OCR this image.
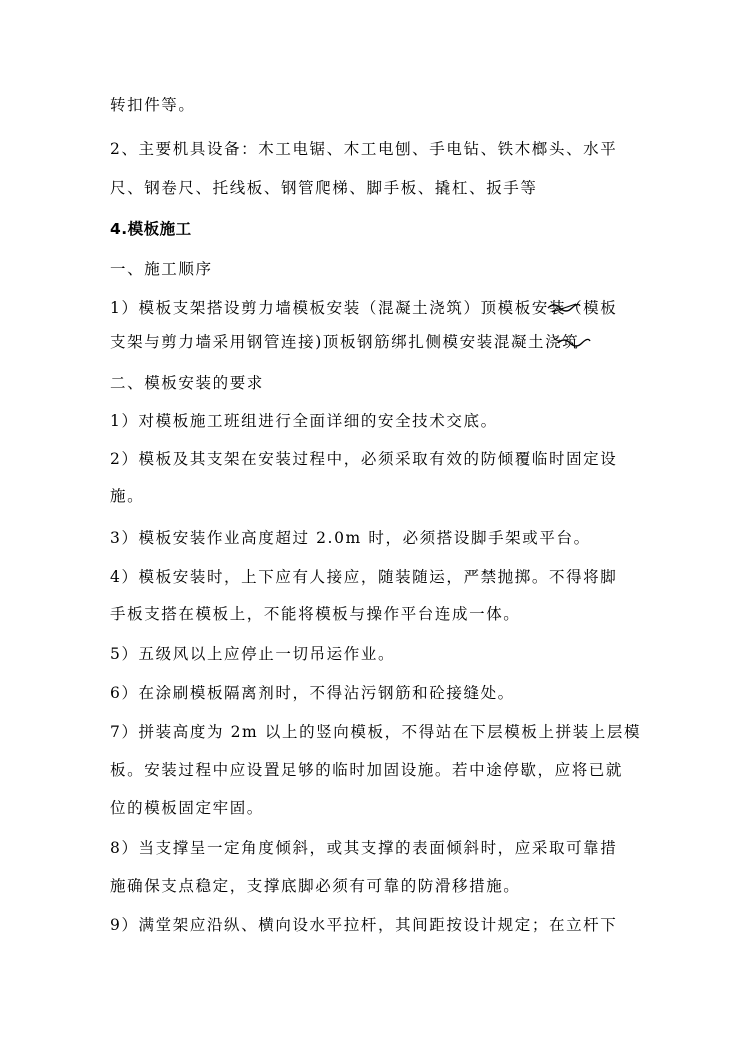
转扣件等。
2、主要机具设备：木工电锯、木工电刨、手电钻、铁木榔头、水平
尺、钢卷尺、托线板、钢管爬梯、脚手板、撬杠、扳手等
4.模板施工
一、施工顺序
1）模板支架搭设剪力墙模板安装（混凝土浇筑）顶模板安装（模板
支架与剪力墙采用钢管连接)顶板钢筋绑扎侧模安装混凝土浇筑
二、模板安装的要求
1）对模板施工班组进行全面详细的安全技术交底。
2）模板及其支架在安装过程中，必须采取有效的防倾覆临时固定设
施。
3）模板安装作业高度超过 2.0m 时，必须搭设脚手架或平台。
4）模板安装时，上下应有人接应，随装随运，严禁抛掷。不得将脚
手板支搭在模板上，不能将模板与操作平台连成一体。
5）五级风以上应停止一切吊运作业。
6）在涂刷模板隔离剂时，不得沾污钢筋和砼接缝处。
7）拼装高度为 2m 以上的竖向模板，不得站在下层模板上拼装上层模
板。安装过程中应设置足够的临时加固设施。若中途停歇，应将已就
位的模板固定牢固。
8）当支撑呈一定角度倾斜，或其支撑的表面倾斜时，应采取可靠措
施确保支点稳定，支撑底脚必须有可靠的防滑移措施。
9）满堂架应沿纵、横向设水平拉杆，其间距按设计规定；在立杆下
